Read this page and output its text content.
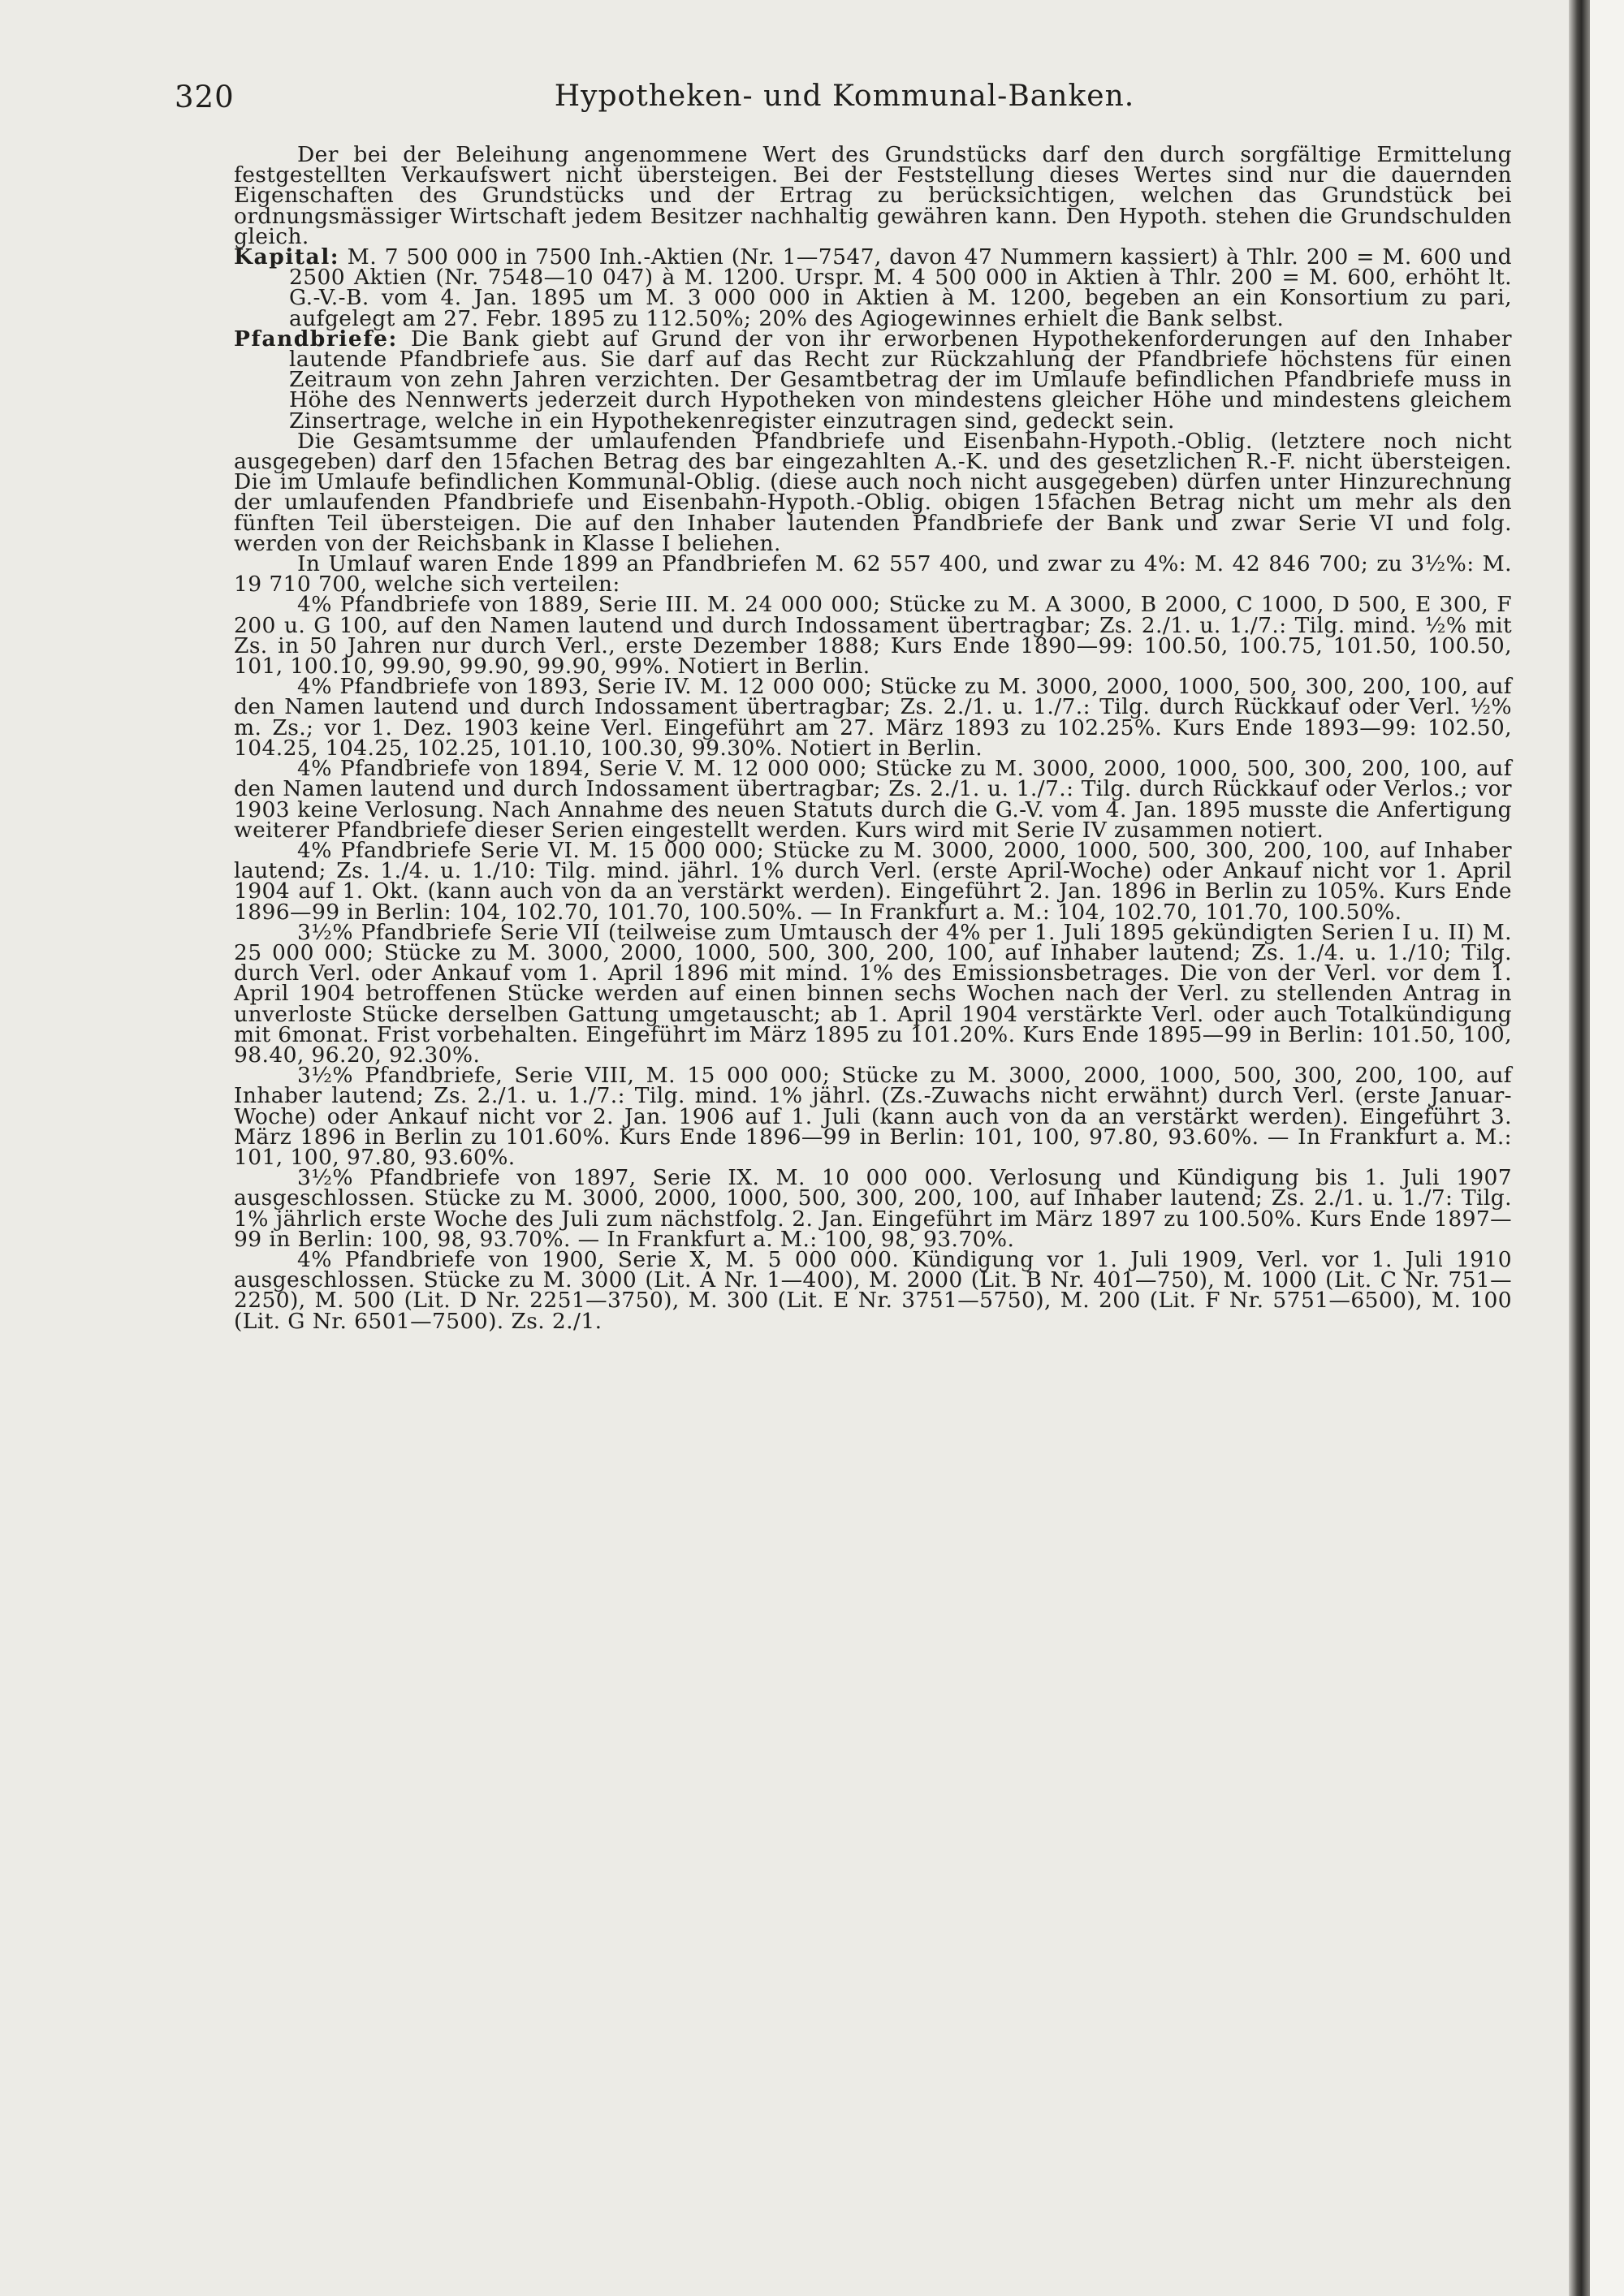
320	Hypotheken- und Kommunal-Banken.

Der bei der Beleihung angenommene Wert des Grundstücks darf den durch sorgfältige Ermittelung festgestellten Verkaufswert nicht übersteigen. Bei der Feststellung dieses Wertes sind nur die dauernden Eigenschaften des Grundstücks und der Ertrag zu berücksichtigen, welchen das Grundstück bei ordnungsmässiger Wirtschaft jedem Besitzer nachhaltig gewähren kann. Den Hypoth. stehen die Grundschulden gleich.

Kapital: M. 7 500 000 in 7500 Inh.-Aktien (Nr. 1—7547, davon 47 Nummern kassiert) à Thlr. 200 = M. 600 und 2500 Aktien (Nr. 7548—10 047) à M. 1200. Urspr. M. 4 500 000 in Aktien à Thlr. 200 = M. 600, erhöht lt. G.-V.-B. vom 4. Jan. 1895 um M. 3 000 000 in Aktien à M. 1200, begeben an ein Konsortium zu pari, aufgelegt am 27. Febr. 1895 zu 112.50%; 20% des Agiogewinnes erhielt die Bank selbst.

Pfandbriefe: Die Bank giebt auf Grund der von ihr erworbenen Hypothekenforderungen auf den Inhaber lautende Pfandbriefe aus. Sie darf auf das Recht zur Rückzahlung der Pfandbriefe höchstens für einen Zeitraum von zehn Jahren verzichten. Der Gesamtbetrag der im Umlaufe befindlichen Pfandbriefe muss in Höhe des Nennwerts jederzeit durch Hypotheken von mindestens gleicher Höhe und mindestens gleichem Zinsertrage, welche in ein Hypothekenregister einzutragen sind, gedeckt sein.

Die Gesamtsumme der umlaufenden Pfandbriefe und Eisenbahn-Hypoth.-Oblig. (letztere noch nicht ausgegeben) darf den 15fachen Betrag des bar eingezahlten A.-K. und des gesetzlichen R.-F. nicht übersteigen. Die im Umlaufe befindlichen Kommunal-Oblig. (diese auch noch nicht ausgegeben) dürfen unter Hinzurechnung der umlaufenden Pfandbriefe und Eisenbahn-Hypoth.-Oblig. obigen 15fachen Betrag nicht um mehr als den fünften Teil übersteigen. Die auf den Inhaber lautenden Pfandbriefe der Bank und zwar Serie VI und folg. werden von der Reichsbank in Klasse I beliehen.

In Umlauf waren Ende 1899 an Pfandbriefen M. 62 557 400, und zwar zu 4%: M. 42 846 700; zu 3½%: M. 19 710 700, welche sich verteilen:

4% Pfandbriefe von 1889, Serie III. M. 24 000 000; Stücke zu M. A 3000, B 2000, C 1000, D 500, E 300, F 200 u. G 100, auf den Namen lautend und durch Indossament übertragbar; Zs. 2./1. u. 1./7.: Tilg. mind. ½% mit Zs. in 50 Jahren nur durch Verl., erste Dezember 1888; Kurs Ende 1890—99: 100.50, 100.75, 101.50, 100.50, 101, 100.10, 99.90, 99.90, 99.90, 99%. Notiert in Berlin.

4% Pfandbriefe von 1893, Serie IV. M. 12 000 000; Stücke zu M. 3000, 2000, 1000, 500, 300, 200, 100, auf den Namen lautend und durch Indossament übertragbar; Zs. 2./1. u. 1./7.: Tilg. durch Rückkauf oder Verl. ½% m. Zs.; vor 1. Dez. 1903 keine Verl. Eingeführt am 27. März 1893 zu 102.25%. Kurs Ende 1893—99: 102.50, 104.25, 104.25, 102.25, 101.10, 100.30, 99.30%. Notiert in Berlin.

4% Pfandbriefe von 1894, Serie V. M. 12 000 000; Stücke zu M. 3000, 2000, 1000, 500, 300, 200, 100, auf den Namen lautend und durch Indossament übertragbar; Zs. 2./1. u. 1./7.: Tilg. durch Rückkauf oder Verlos.; vor 1903 keine Verlosung. Nach Annahme des neuen Statuts durch die G.-V. vom 4. Jan. 1895 musste die Anfertigung weiterer Pfandbriefe dieser Serien eingestellt werden. Kurs wird mit Serie IV zusammen notiert.

4% Pfandbriefe Serie VI. M. 15 000 000; Stücke zu M. 3000, 2000, 1000, 500, 300, 200, 100, auf Inhaber lautend; Zs. 1./4. u. 1./10: Tilg. mind. jährl. 1% durch Verl. (erste April-Woche) oder Ankauf nicht vor 1. April 1904 auf 1. Okt. (kann auch von da an verstärkt werden). Eingeführt 2. Jan. 1896 in Berlin zu 105%. Kurs Ende 1896—99 in Berlin: 104, 102.70, 101.70, 100.50%. — In Frankfurt a. M.: 104, 102.70, 101.70, 100.50%.

3½% Pfandbriefe Serie VII (teilweise zum Umtausch der 4% per 1. Juli 1895 gekündigten Serien I u. II) M. 25 000 000; Stücke zu M. 3000, 2000, 1000, 500, 300, 200, 100, auf Inhaber lautend; Zs. 1./4. u. 1./10; Tilg. durch Verl. oder Ankauf vom 1. April 1896 mit mind. 1% des Emissionsbetrages. Die von der Verl. vor dem 1. April 1904 betroffenen Stücke werden auf einen binnen sechs Wochen nach der Verl. zu stellenden Antrag in unverloste Stücke derselben Gattung umgetauscht; ab 1. April 1904 verstärkte Verl. oder auch Totalkündigung mit 6monat. Frist vorbehalten. Eingeführt im März 1895 zu 101.20%. Kurs Ende 1895—99 in Berlin: 101.50, 100, 98.40, 96.20, 92.30%.

3½% Pfandbriefe, Serie VIII, M. 15 000 000; Stücke zu M. 3000, 2000, 1000, 500, 300, 200, 100, auf Inhaber lautend; Zs. 2./1. u. 1./7.: Tilg. mind. 1% jährl. (Zs.-Zuwachs nicht erwähnt) durch Verl. (erste Januar-Woche) oder Ankauf nicht vor 2. Jan. 1906 auf 1. Juli (kann auch von da an verstärkt werden). Eingeführt 3. März 1896 in Berlin zu 101.60%. Kurs Ende 1896—99 in Berlin: 101, 100, 97.80, 93.60%. — In Frankfurt a. M.: 101, 100, 97.80, 93.60%.

3½% Pfandbriefe von 1897, Serie IX. M. 10 000 000. Verlosung und Kündigung bis 1. Juli 1907 ausgeschlossen. Stücke zu M. 3000, 2000, 1000, 500, 300, 200, 100, auf Inhaber lautend; Zs. 2./1. u. 1./7: Tilg. 1% jährlich erste Woche des Juli zum nächstfolg. 2. Jan. Eingeführt im März 1897 zu 100.50%. Kurs Ende 1897—99 in Berlin: 100, 98, 93.70%. — In Frankfurt a. M.: 100, 98, 93.70%.

4% Pfandbriefe von 1900, Serie X, M. 5 000 000. Kündigung vor 1. Juli 1909, Verl. vor 1. Juli 1910 ausgeschlossen. Stücke zu M. 3000 (Lit. A Nr. 1—400), M. 2000 (Lit. B Nr. 401—750), M. 1000 (Lit. C Nr. 751—2250), M. 500 (Lit. D Nr. 2251—3750), M. 300 (Lit. E Nr. 3751—5750), M. 200 (Lit. F Nr. 5751—6500), M. 100 (Lit. G Nr. 6501—7500). Zs. 2./1.
